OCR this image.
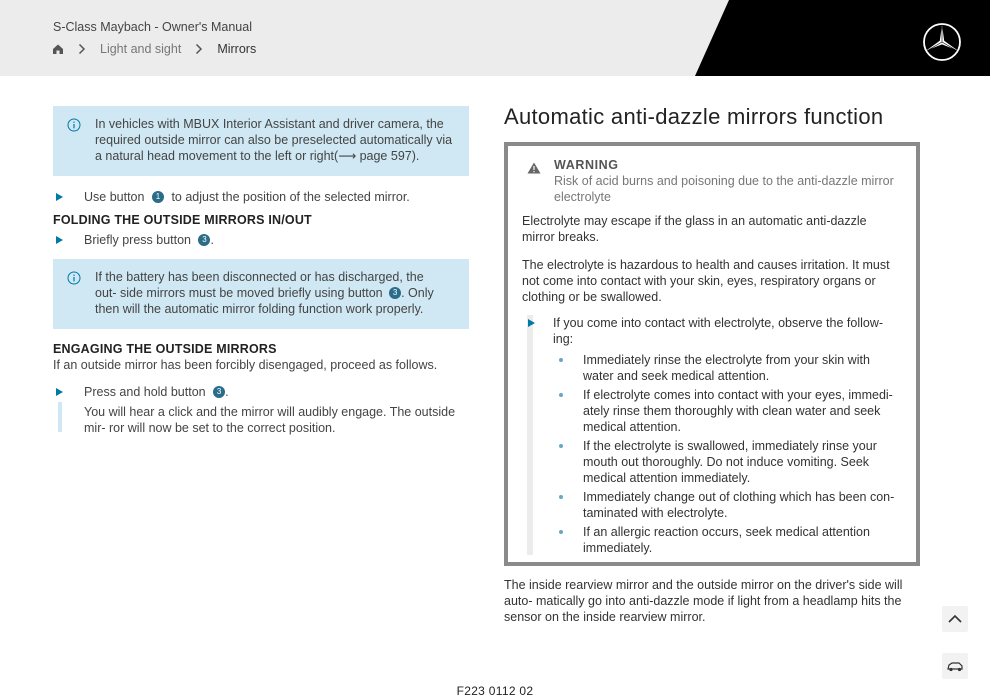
S-Class Maybach - Owner's Manual
Light and sight	Mirrors
In vehicles with MBUX Interior Assistant and driver camera, the required outside mirror can also be preselected automatically via a natural head movement to the left or right(⟶ page 597).
Use button 1 to adjust the position of the selected mirror.
FOLDING THE OUTSIDE MIRRORS IN/OUT
Briefly press button 3 .
If the battery has been disconnected or has discharged, the out- side mirrors must be moved briefly using button 3 . Only then will the automatic mirror folding function work properly.
ENGAGING THE OUTSIDE MIRRORS
If an outside mirror has been forcibly disengaged, proceed as follows.
Press and hold button 3 .
You will hear a click and the mirror will audibly engage. The outside mir- ror will now be set to the correct position.
Automatic anti-dazzle mirrors function
WARNING
Risk of acid burns and poisoning due to the anti-dazzle mirror electrolyte

Electrolyte may escape if the glass in an automatic anti-dazzle mirror breaks.

The electrolyte is hazardous to health and causes irritation. It must not come into contact with your skin, eyes, respiratory organs or clothing or be swallowed.

If you come into contact with electrolyte, observe the follow- ing:
Immediately rinse the electrolyte from your skin with water and seek medical attention.
If electrolyte comes into contact with your eyes, immedi- ately rinse them thoroughly with clean water and seek medical attention.
If the electrolyte is swallowed, immediately rinse your mouth out thoroughly. Do not induce vomiting. Seek medical attention immediately.
Immediately change out of clothing which has been con- taminated with electrolyte.
If an allergic reaction occurs, seek medical attention immediately.
The inside rearview mirror and the outside mirror on the driver's side will auto- matically go into anti-dazzle mode if light from a headlamp hits the sensor on the inside rearview mirror.
F223 0112 02
